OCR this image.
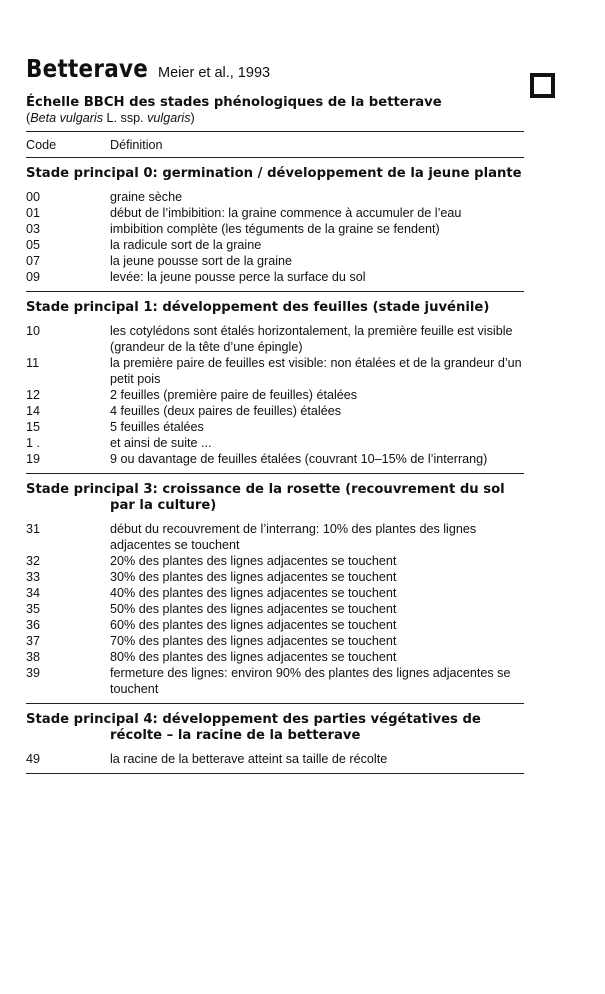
Betterave Meier et al., 1993
Échelle BBCH des stades phénologiques de la betterave
(Beta vulgaris L. ssp. vulgaris)
Code	Définition
Stade principal 0: germination / développement de la jeune plante
00	graine sèche
01	début de l’imbibition: la graine commence à accumuler de l’eau
03	imbibition complète (les téguments de la graine se fendent)
05	la radicule sort de la graine
07	la jeune pousse sort de la graine
09	levée: la jeune pousse perce la surface du sol
Stade principal 1: développement des feuilles (stade juvénile)
10	les cotylédons sont étalés horizontalement, la première feuille est visible (grandeur de la tête d’une épingle)
11	la première paire de feuilles est visible: non étalées et de la grandeur d’un petit pois
12	2 feuilles (première paire de feuilles) étalées
14	4 feuilles (deux paires de feuilles) étalées
15	5 feuilles étalées
1 .	et ainsi de suite ...
19	9 ou davantage de feuilles étalées (couvrant 10–15% de l’interrang)
Stade principal 3: croissance de la rosette (recouvrement du sol par la culture)
31	début du recouvrement de l’interrang: 10% des plantes des lignes adjacentes se touchent
32	20% des plantes des lignes adjacentes se touchent
33	30% des plantes des lignes adjacentes se touchent
34	40% des plantes des lignes adjacentes se touchent
35	50% des plantes des lignes adjacentes se touchent
36	60% des plantes des lignes adjacentes se touchent
37	70% des plantes des lignes adjacentes se touchent
38	80% des plantes des lignes adjacentes se touchent
39	fermeture des lignes: environ 90% des plantes des lignes adjacentes se touchent
Stade principal 4: développement des parties végétatives de récolte – la racine de la betterave
49	la racine de la betterave atteint sa taille de récolte
